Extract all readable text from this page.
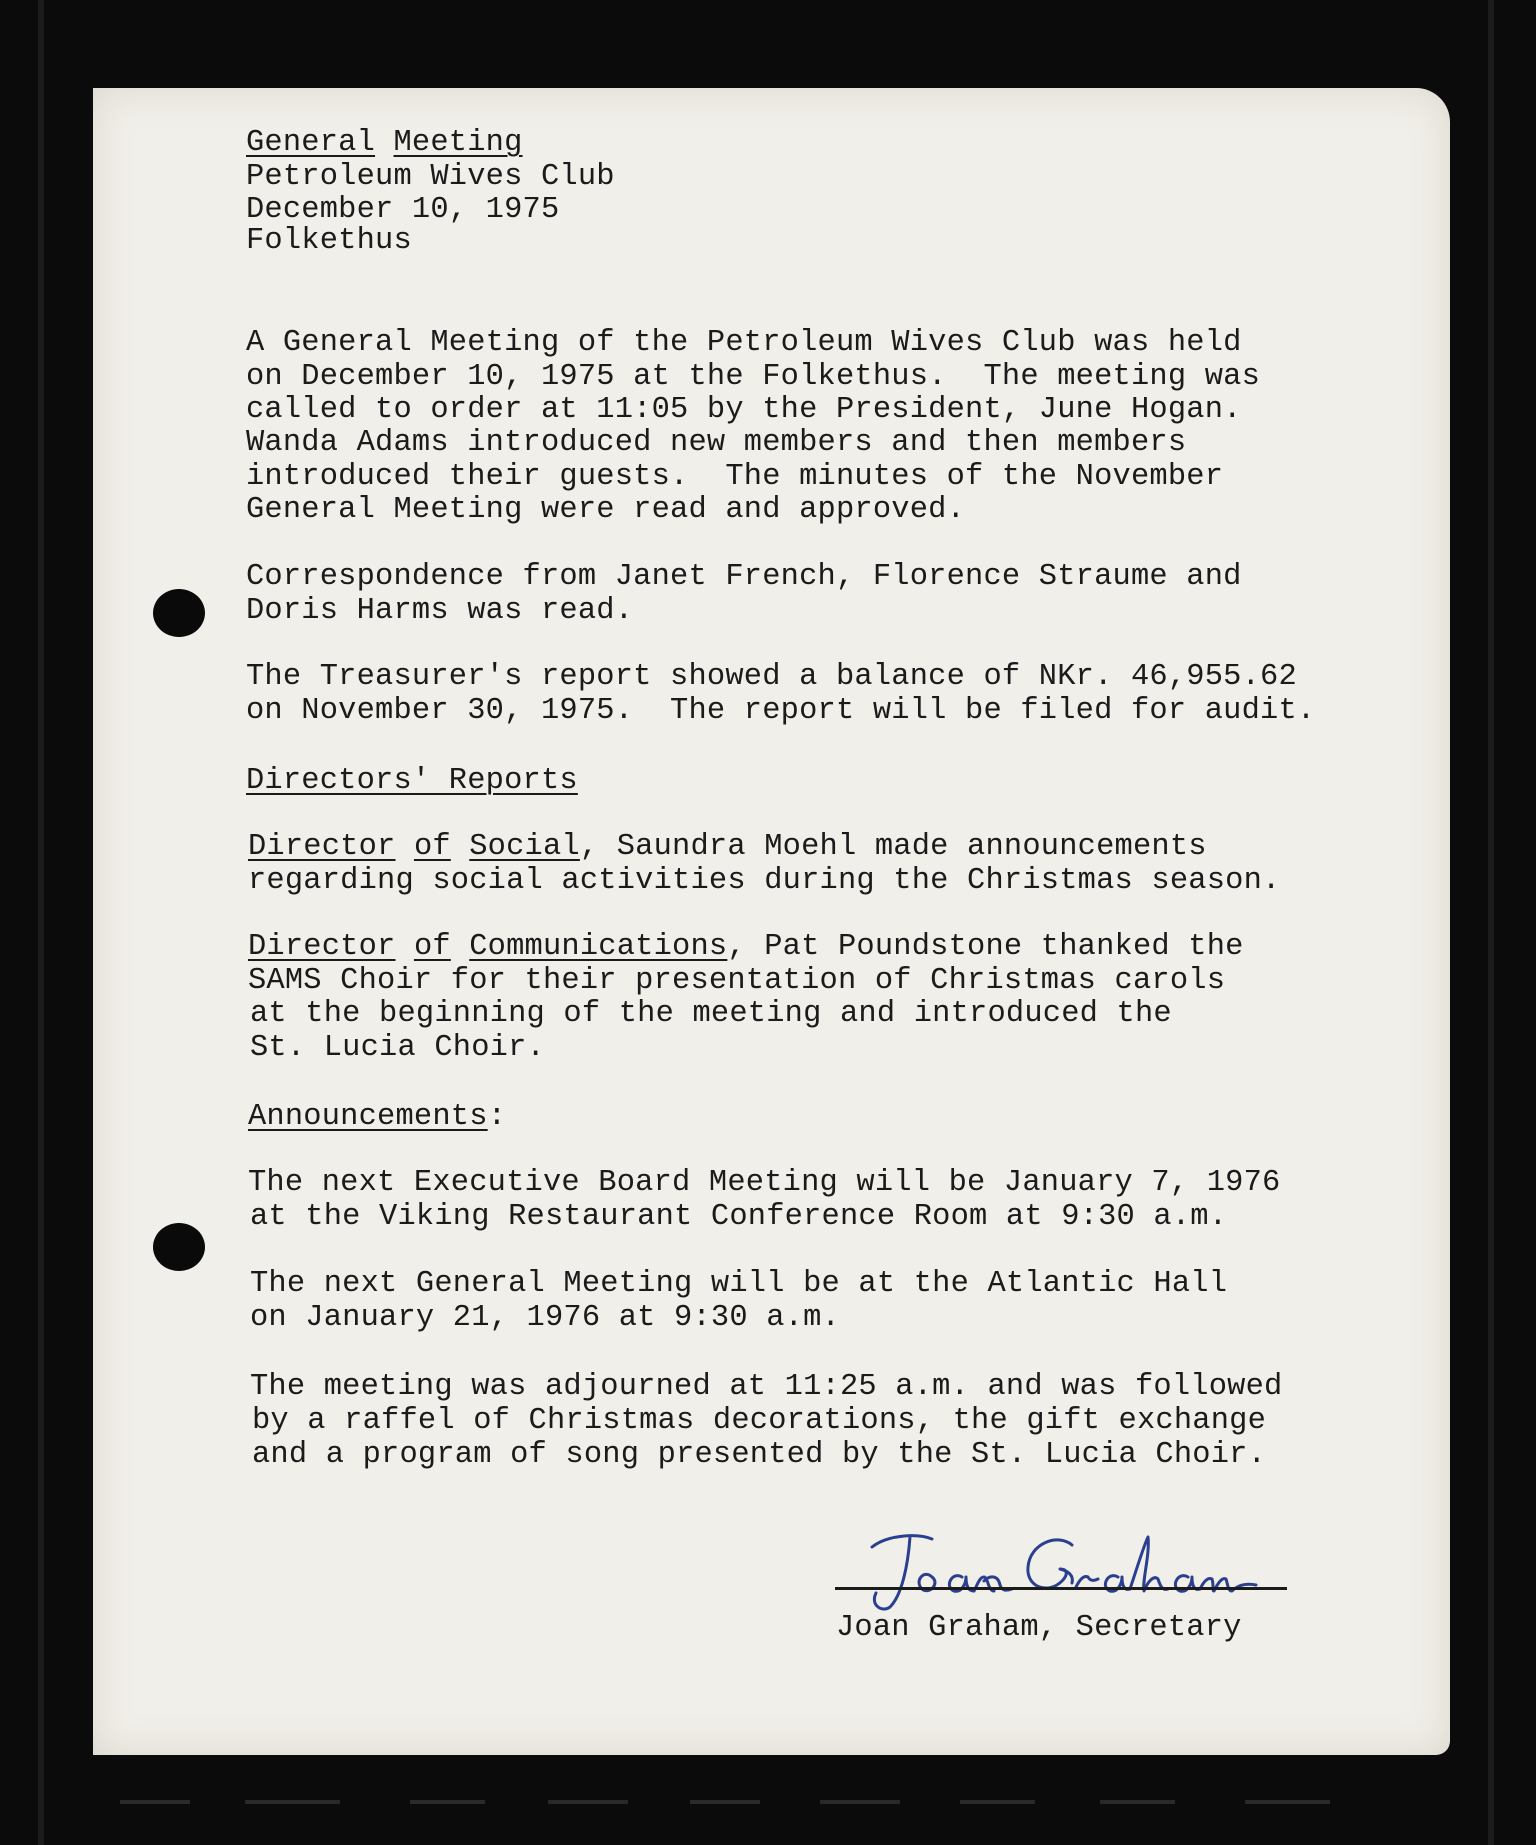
General Meeting
Petroleum Wives Club
December 10, 1975
Folkethus
A General Meeting of the Petroleum Wives Club was held
on December 10, 1975 at the Folkethus.  The meeting was
called to order at 11:05 by the President, June Hogan.
Wanda Adams introduced new members and then members
introduced their guests.  The minutes of the November
General Meeting were read and approved.
Correspondence from Janet French, Florence Straume and
Doris Harms was read.
The Treasurer's report showed a balance of NKr. 46,955.62
on November 30, 1975.  The report will be filed for audit.
Directors' Reports
Director of Social, Saundra Moehl made announcements
regarding social activities during the Christmas season.
Director of Communications, Pat Poundstone thanked the
SAMS Choir for their presentation of Christmas carols
at the beginning of the meeting and introduced the
St. Lucia Choir.
Announcements:
The next Executive Board Meeting will be January 7, 1976
at the Viking Restaurant Conference Room at 9:30 a.m.
The next General Meeting will be at the Atlantic Hall
on January 21, 1976 at 9:30 a.m.
The meeting was adjourned at 11:25 a.m. and was followed
by a raffel of Christmas decorations, the gift exchange
and a program of song presented by the St. Lucia Choir.
Joan Graham, Secretary
